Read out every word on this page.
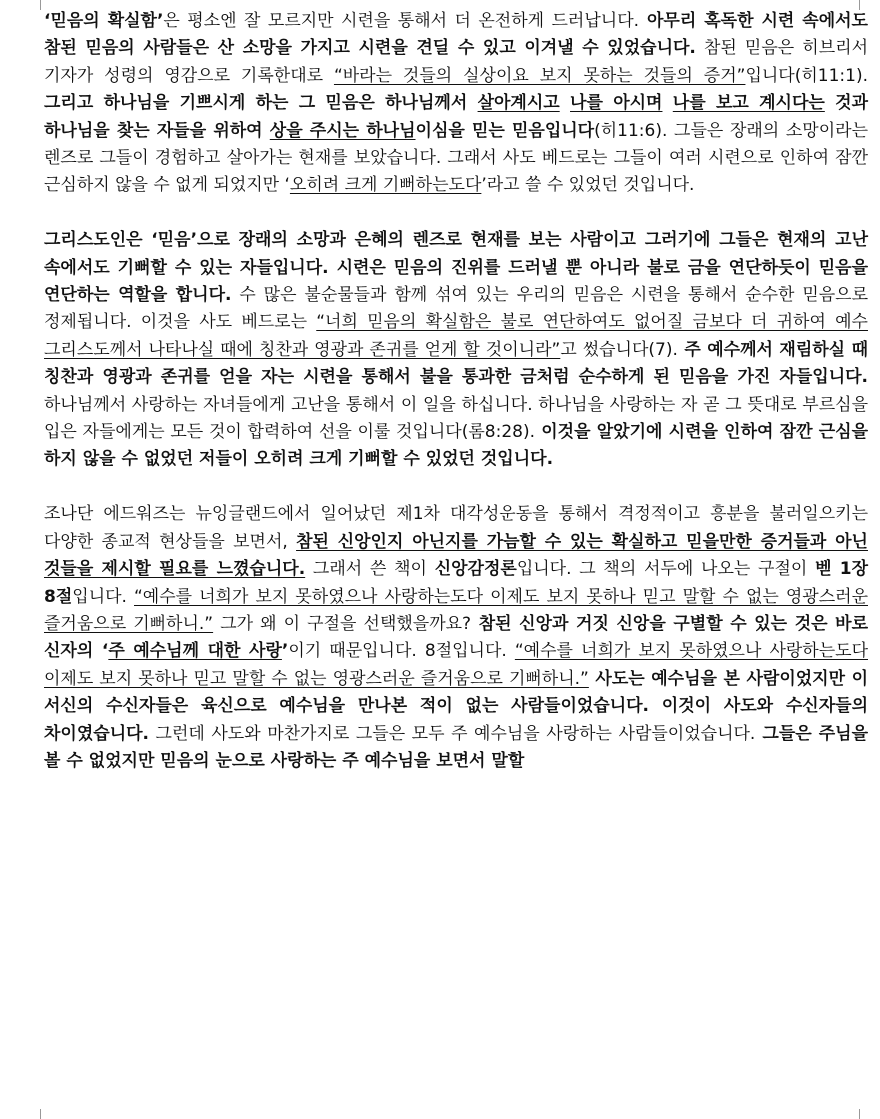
‘믿음의 확실함’은 평소엔 잘 모르지만 시련을 통해서 더 온전하게 드러납니다. 아무리 혹독한 시련 속에서도 참된 믿음의 사람들은 산 소망을 가지고 시련을 견딜 수 있고 이겨낼 수 있었습니다. 참된 믿음은 히브리서 기자가 성령의 영감으로 기록한대로 “바라는 것들의 실상이요 보지 못하는 것들의 증거”입니다(히11:1). 그리고 하나님을 기쁘시게 하는 그 믿음은 하나님께서 살아계시고 나를 아시며 나를 보고 계시다는 것과 하나님을 찾는 자들을 위하여 상을 주시는 하나님이심을 믿는 믿음입니다(히11:6). 그들은 장래의 소망이라는 렌즈로 그들이 경험하고 살아가는 현재를 보았습니다. 그래서 사도 베드로는 그들이 여러 시련으로 인하여 잠깐 근심하지 않을 수 없게 되었지만 ‘오히려 크게 기뻐하는도다’라고 쓸 수 있었던 것입니다.

그리스도인은 ‘믿음’으로 장래의 소망과 은혜의 렌즈로 현재를 보는 사람이고 그러기에 그들은 현재의 고난 속에서도 기뻐할 수 있는 자들입니다. 시련은 믿음의 진위를 드러낼 뿐 아니라 불로 금을 연단하듯이 믿음을 연단하는 역할을 합니다. 수 많은 불순물들과 함께 섞여 있는 우리의 믿음은 시련을 통해서 순수한 믿음으로 정제됩니다. 이것을 사도 베드로는 “너희 믿음의 확실함은 불로 연단하여도 없어질 금보다 더 귀하여 예수 그리스도께서 나타나실 때에 칭찬과 영광과 존귀를 얻게 할 것이니라”고 썼습니다(7). 주 예수께서 재림하실 때 칭찬과 영광과 존귀를 얻을 자는 시련을 통해서 불을 통과한 금처럼 순수하게 된 믿음을 가진 자들입니다. 하나님께서 사랑하는 자녀들에게 고난을 통해서 이 일을 하십니다. 하나님을 사랑하는 자 곧 그 뜻대로 부르심을 입은 자들에게는 모든 것이 합력하여 선을 이룰 것입니다(롬8:28). 이것을 알았기에 시련을 인하여 잠깐 근심을 하지 않을 수 없었던 저들이 오히려 크게 기뻐할 수 있었던 것입니다.

조나단 에드워즈는 뉴잉글랜드에서 일어났던 제1차 대각성운동을 통해서 격정적이고 흥분을 불러일으키는 다양한 종교적 현상들을 보면서, 참된 신앙인지 아닌지를 가늠할 수 있는 확실하고 믿을만한 증거들과 아닌 것들을 제시할 필요를 느꼈습니다. 그래서 쓴 책이 신앙감정론입니다. 그 책의 서두에 나오는 구절이 벧 1장 8절입니다. “예수를 너희가 보지 못하였으나 사랑하는도다 이제도 보지 못하나 믿고 말할 수 없는 영광스러운 즐거움으로 기뻐하니.” 그가 왜 이 구절을 선택했을까요? 참된 신앙과 거짓 신앙을 구별할 수 있는 것은 바로 신자의 ‘주 예수님께 대한 사랑’이기 때문입니다. 8절입니다. “예수를 너희가 보지 못하였으나 사랑하는도다 이제도 보지 못하나 믿고 말할 수 없는 영광스러운 즐거움으로 기뻐하니.” 사도는 예수님을 본 사람이었지만 이 서신의 수신자들은 육신으로 예수님을 만나본 적이 없는 사람들이었습니다. 이것이 사도와 수신자들의 차이였습니다. 그런데 사도와 마찬가지로 그들은 모두 주 예수님을 사랑하는 사람들이었습니다. 그들은 주님을 볼 수 없었지만 믿음의 눈으로 사랑하는 주 예수님을 보면서 말할
